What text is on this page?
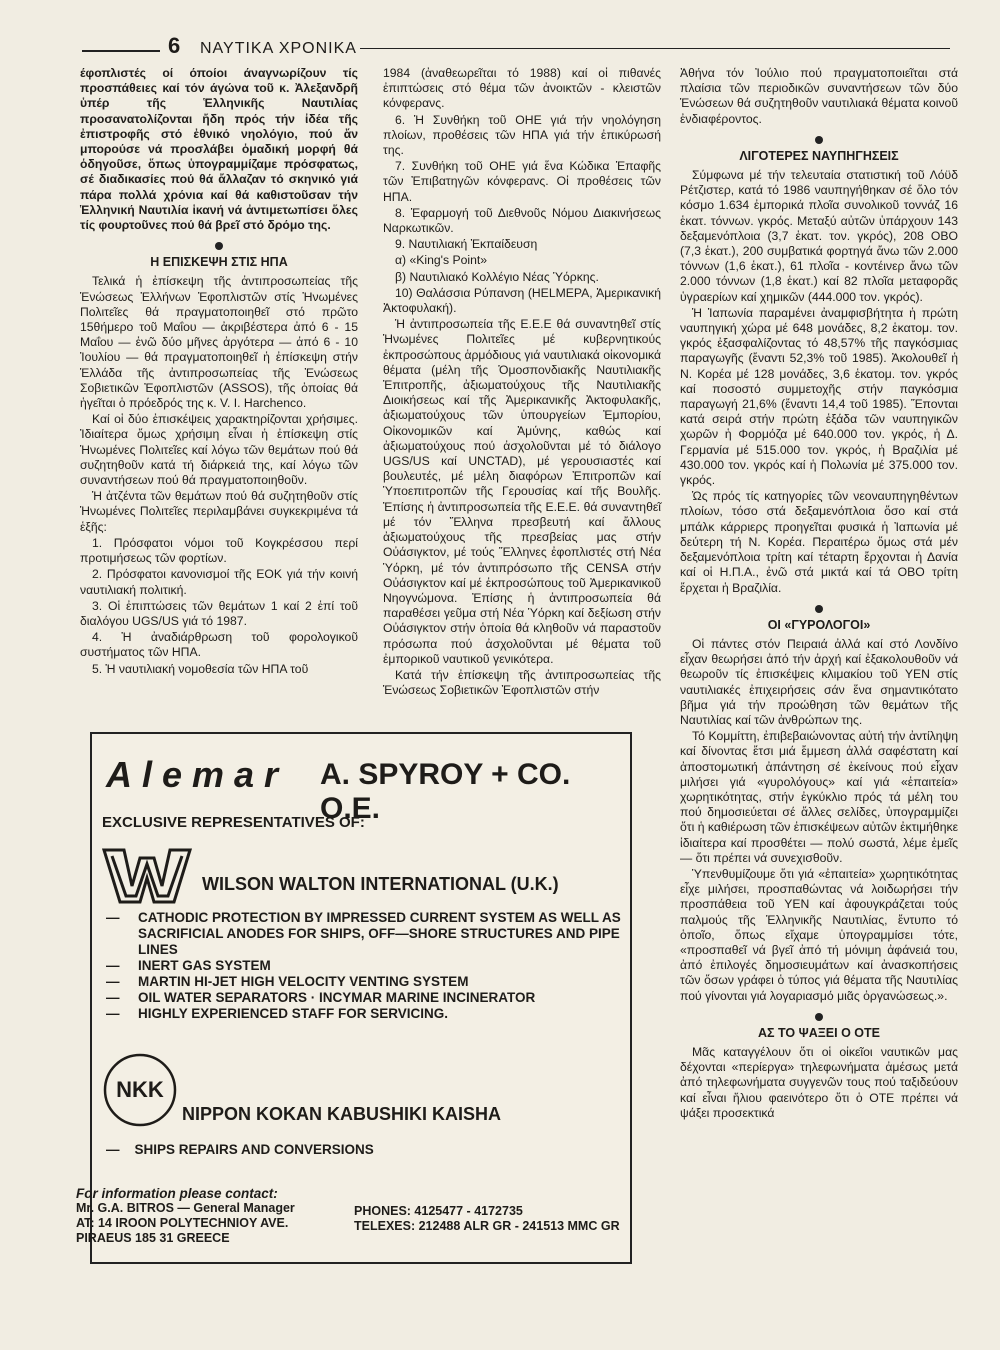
6 ΝΑΥΤΙΚΑ ΧΡΟΝΙΚΑ

έφοπλιστές οί όποίοι άναγνωρίζουν τίς προσπάθειες καί τόν άγώνα τοῦ κ. Ἀλεξανδρῆ ὑπέρ τῆς Ἑλληνικῆς Ναυτιλίας προσανατολίζονται ἤδη πρός τήν ἰδέα τῆς ἐπιστροφῆς στό ἐθνικό νηολόγιο, πού ἄν μπορούσε νά προσλάβει ὁμαδική μορφή θά ὁδηγοῦσε, ὅπως ὑπογραμμίζαμε πρόσφατως, σέ διαδικασίες πού θά ἄλλαζαν τό σκηνικό γιά πάρα πολλά χρόνια καί θά καθιστοῦσαν τήν Ἑλληνική Ναυτιλία ἱκανή νά ἀντιμετωπίσει ὅλες τίς φουρτοῦνες πού θά βρεῖ στό δρόμο της.

Η ΕΠΙΣΚΕΨΗ ΣΤΙΣ ΗΠΑ

Τελικά ἡ ἐπίσκεψη τῆς ἀντιπροσωπείας τῆς Ἑνώσεως Ἑλλήνων Ἐφοπλιστῶν στίς Ἡνωμένες Πολιτεῖες θά πραγματοποιηθεῖ στό πρῶτο 15θήμερο τοῦ Μαΐου — ἀκριβέστερα ἀπό 6 - 15 Μαΐου — ἐνῶ δύο μῆνες ἀργότερα — ἀπό 6 - 10 Ἰουλίου — θά πραγματοποιηθεῖ ἡ ἐπίσκεψη στήν Ἑλλάδα τῆς ἀντιπροσωπείας τῆς Ἑνώσεως Σοβιετικῶν Ἐφοπλιστῶν (ASSOS), τῆς ὁποίας θά ἡγεῖται ὁ πρόεδρός της κ. V. I. Harchenco.

Καί οἱ δύο ἐπισκέψεις χαρακτηρίζονται χρήσιμες. Ἰδιαίτερα ὅμως χρήσιμη εἶναι ἡ ἐπίσκεψη στίς Ἡνωμένες Πολιτεῖες καί λόγω τῶν θεμάτων πού θά συζητηθοῦν κατά τή διάρκειά της, καί λόγω τῶν συναντήσεων πού θά πραγματοποιηθοῦν.

Ἡ ἀτζέντα τῶν θεμάτων πού θά συζητηθοῦν στίς Ἡνωμένες Πολιτεῖες περιλαμβάνει συγκεκριμένα τά ἑξῆς:

1. Πρόσφατοι νόμοι τοῦ Κογκρέσσου περί προτιμήσεως τῶν φορτίων.

2. Πρόσφατοι κανονισμοί τῆς ΕΟΚ γιά τήν κοινή ναυτιλιακή πολιτική.

3. Οἱ ἐπιπτώσεις τῶν θεμάτων 1 καί 2 ἐπί τοῦ διαλόγου UGS/US γιά τό 1987.

4. Ἡ ἀναδιάρθρωση τοῦ φορολογικοῦ συστήματος τῶν ΗΠΑ.

5. Ἡ ναυτιλιακή νομοθεσία τῶν ΗΠΑ τοῦ

1984 (ἀναθεωρεῖται τό 1988) καί οἱ πιθανές ἐπιπτώσεις στό θέμα τῶν ἀνοικτῶν - κλειστῶν κόνφερανς.

6. Ἡ Συνθήκη τοῦ ΟΗΕ γιά τήν νηολόγηση πλοίων, προθέσεις τῶν ΗΠΑ γιά τήν ἐπικύρωσή της.

7. Συνθήκη τοῦ ΟΗΕ γιά ἕνα Κώδικα Ἐπαφῆς τῶν Ἐπιβατηγῶν κόνφερανς. Οἱ προθέσεις τῶν ΗΠΑ.

8. Ἐφαρμογή τοῦ Διεθνοῦς Νόμου Διακινήσεως Ναρκωτικῶν.

9. Ναυτιλιακή Ἐκπαίδευση

α) «King's Point»

β) Ναυτιλιακό Κολλέγιο Νέας Ὑόρκης.

10) Θαλάσσια Ρύπανση (HELMEPA, Ἀμερικανική Ἀκτοφυλακή).

Ἡ ἀντιπροσωπεία τῆς Ε.Ε.Ε θά συναντηθεῖ στίς Ἡνωμένες Πολιτεῖες μέ κυβερνητικούς ἐκπροσώπους ἁρμόδιους γιά ναυτιλιακά οἰκονομικά θέματα (μέλη τῆς Ὁμοσπονδιακῆς Ναυτιλιακῆς Ἐπιτροπῆς, ἀξιωματούχους τῆς Ναυτιλιακῆς Διοικήσεως καί τῆς Ἀμερικανικῆς Ἀκτοφυλακῆς, ἀξιωματούχους τῶν ὑπουργείων Ἐμπορίου, Οἰκονομικῶν καί Ἀμύνης, καθώς καί ἀξιωματούχους πού ἀσχολοῦνται μέ τό διάλογο UGS/US καί UNCTAD), μέ γερουσιαστές καί βουλευτές, μέ μέλη διαφόρων Ἐπιτροπῶν καί Ὑποεπιτροπῶν τῆς Γερουσίας καί τῆς Βουλῆς. Ἐπίσης ἡ ἀντιπροσωπεία τῆς Ε.Ε.Ε. θά συναντηθεῖ μέ τόν Ἕλληνα πρεσβευτή καί ἄλλους ἀξιωματούχους τῆς πρεσβείας μας στήν Οὐάσιγκτον, μέ τούς Ἕλληνες ἐφοπλιστές στή Νέα Ὑόρκη, μέ τόν ἀντιπρόσωπο τῆς CENSA στήν Οὐάσιγκτον καί μέ ἐκπροσώπους τοῦ Ἀμερικανικοῦ Νηογνώμονα. Ἐπίσης ἡ ἀντιπροσωπεία θά παραθέσει γεῦμα στή Νέα Ὑόρκη καί δεξίωση στήν Οὐάσιγκτον στήν ὁποία θά κληθοῦν νά παραστοῦν πρόσωπα πού ἀσχολοῦνται μέ θέματα τοῦ ἐμπορικοῦ ναυτικοῦ γενικότερα.

Κατά τήν ἐπίσκεψη τῆς ἀντιπροσωπείας τῆς Ἑνώσεως Σοβιετικῶν Ἐφοπλιστῶν στήν

Ἀθήνα τόν Ἰούλιο πού πραγματοποιεῖται στά πλαίσια τῶν περιοδικῶν συναντήσεων τῶν δύο Ἑνώσεων θά συζητηθοῦν ναυτιλιακά θέματα κοινοῦ ἐνδιαφέροντος.

ΛΙΓΟΤΕΡΕΣ ΝΑΥΠΗΓΗΣΕΙΣ

Σύμφωνα μέ τήν τελευταία στατιστική τοῦ Λόϋδ Ρέτζιστερ, κατά τό 1986 ναυπηγήθηκαν σέ ὅλο τόν κόσμο 1.634 ἐμπορικά πλοῖα συνολικοῦ τοννάζ 16 ἑκατ. τόννων. γκρός. Μεταξύ αὐτῶν ὑπάρχουν 143 δεξαμενόπλοια (3,7 ἑκατ. τον. γκρός), 208 ΟΒΟ (7,3 ἑκατ.), 200 συμβατικά φορτηγά ἄνω τῶν 2.000 τόννων (1,6 ἑκατ.), 61 πλοῖα - κοντέινερ ἄνω τῶν 2.000 τόννων (1,8 ἑκατ.) καί 82 πλοῖα μεταφορᾶς ὑγραερίων καί χημικῶν (444.000 τον. γκρός).

Ἡ Ἰαπωνία παραμένει ἀναμφισβήτητα ἡ πρώτη ναυπηγική χώρα μέ 648 μονάδες, 8,2 ἑκατομ. τον. γκρός ἐξασφαλίζοντας τό 48,57% τῆς παγκόσμιας παραγωγῆς (ἔναντι 52,3% τοῦ 1985). Ἀκολουθεῖ ἡ Ν. Κορέα μέ 128 μονάδες, 3,6 ἑκατομ. τον. γκρός καί ποσοστό συμμετοχῆς στήν παγκόσμια παραγωγή 21,6% (ἔναντι 14,4 τοῦ 1985). Ἕπονται κατά σειρά στήν πρώτη ἑξάδα τῶν ναυπηγικῶν χωρῶν ἡ Φορμόζα μέ 640.000 τον. γκρός, ἡ Δ. Γερμανία μέ 515.000 τον. γκρός, ἡ Βραζιλία μέ 430.000 τον. γκρός καί ἡ Πολωνία μέ 375.000 τον. γκρός.

Ὡς πρός τίς κατηγορίες τῶν νεοναυπηγηθέντων πλοίων, τόσο στά δεξαμενόπλοια ὅσο καί στά μπάλκ κάρριερς προηγεῖται φυσικά ἡ Ἰαπωνία μέ δεύτερη τή Ν. Κορέα. Περαιτέρω ὅμως στά μέν δεξαμενόπλοια τρίτη καί τέταρτη ἔρχονται ἡ Δανία καί οἱ Η.Π.Α., ἐνῶ στά μικτά καί τά ΟΒΟ τρίτη ἔρχεται ἡ Βραζιλία.

ΟΙ «ΓΥΡΟΛΟΓΟΙ»

Οἱ πάντες στόν Πειραιά ἀλλά καί στό Λονδίνο εἶχαν θεωρήσει ἀπό τήν ἀρχή καί ἐξακολουθοῦν νά θεωροῦν τίς ἐπισκέψεις κλιμακίου τοῦ ΥΕΝ στίς ναυτιλιακές ἐπιχειρήσεις σάν ἕνα σημαντικότατο βῆμα γιά τήν προώθηση τῶν θεμάτων τῆς Ναυτιλίας καί τῶν ἀνθρώπων της.

Τό Κομμίττη, ἐπιβεβαιώνοντας αὐτή τήν ἀντίληψη καί δίνοντας ἔτσι μιά ἔμμεση ἀλλά σαφέστατη καί ἀποστομωτική ἀπάντηση σέ ἐκείνους πού εἶχαν μιλήσει γιά «γυρολόγους» καί γιά «ἐπαιτεία» χωρητικότητας, στήν ἐγκύκλιο πρός τά μέλη του πού δημοσιεύεται σέ ἄλλες σελίδες, ὑπογραμμίζει ὅτι ἡ καθιέρωση τῶν ἐπισκέψεων αὐτῶν ἐκτιμήθηκε ἰδιαίτερα καί προσθέτει — πολύ σωστά, λέμε ἐμεῖς — ὅτι πρέπει νά συνεχισθοῦν.

Ὑπενθυμίζουμε ὅτι γιά «ἐπαιτεία» χωρητικότητας εἶχε μιλήσει, προσπαθώντας νά λοιδωρήσει τήν προσπάθεια τοῦ ΥΕΝ καί ἀφουγκράζεται τούς παλμούς τῆς Ἑλληνικῆς Ναυτιλίας, ἔντυπο τό ὁποῖο, ὅπως εἴχαμε ὑπογραμμίσει τότε, «προσπαθεῖ νά βγεῖ ἀπό τή μόνιμη ἀφάνειά του, ἀπό ἐπιλογές δημοσιευμάτων καί ἀνασκοπήσεις τῶν ὅσων γράφει ὁ τύπος γιά θέματα τῆς Ναυτιλίας πού γίνονται γιά λογαριασμό μιᾶς ὀργανώσεως.».

ΑΣ ΤΟ ΨΑΞΕΙ Ο ΟΤΕ

Μᾶς καταγγέλουν ὅτι οἱ οἰκεῖοι ναυτικῶν μας δέχονται «περίεργα» τηλεφωνήματα ἀμέσως μετά ἀπό τηλεφωνήματα συγγενῶν τους πού ταξιδεύουν καί εἶναι ἥλιου φαεινότερο ὅτι ὁ ΟΤΕ πρέπει νά ψάξει προσεκτικά

Alemar A. SPYROY + CO. O.E.
EXCLUSIVE REPRESENTATIVES OF:
WILSON WALTON INTERNATIONAL (U.K.)
— CATHODIC PROTECTION BY IMPRESSED CURRENT SYSTEM AS WELL AS SACRIFICIAL ANODES FOR SHIPS, OFF—SHORE STRUCTURES AND PIPE LINES
— INERT GAS SYSTEM
— MARTIN HI-JET HIGH VELOCITY VENTING SYSTEM
— OIL WATER SEPARATORS · INCYMAR MARINE INCINERATOR
— HIGHLY EXPERIENCED STAFF FOR SERVICING.
NKK
NIPPON KOKAN KABUSHIKI KAISHA
—    SHIPS REPAIRS AND CONVERSIONS
For information please contact:
Mr. G.A. BITROS — General Manager
AT: 14 IROON POLYTECHNIOY AVE.
PIRAEUS 185 31 GREECE
PHONES: 4125477 - 4172735
TELEXES: 212488 ALR GR - 241513 MMC GR
